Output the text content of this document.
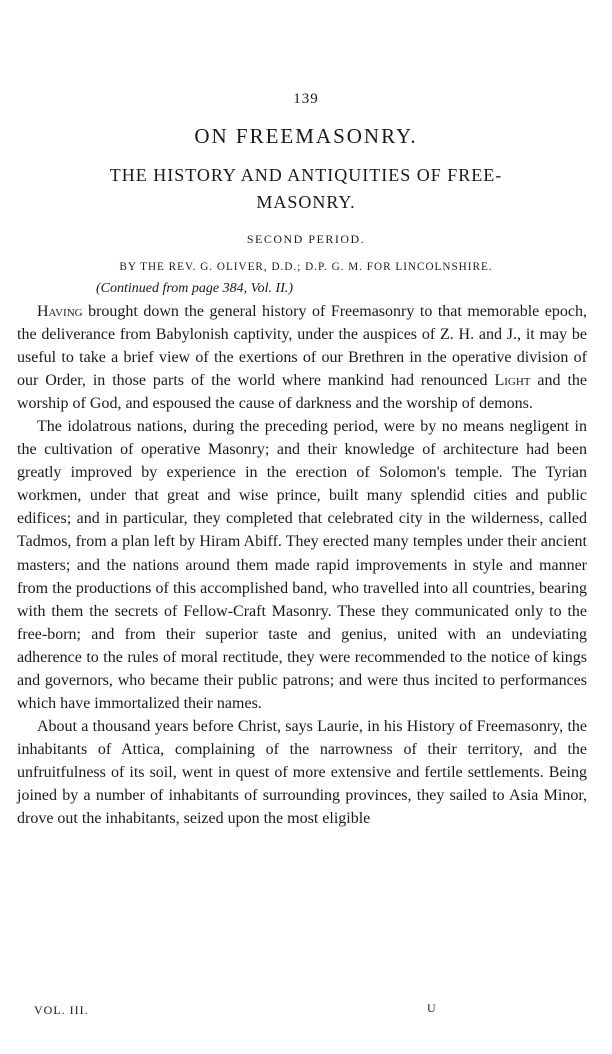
139
ON FREEMASONRY.
THE HISTORY AND ANTIQUITIES OF FREE-
MASONRY.
SECOND PERIOD.
BY THE REV. G. OLIVER, D.D.; D.P. G. M. FOR LINCOLNSHIRE.
(Continued from page 384, Vol. II.)

Having brought down the general history of Freemasonry to that memorable epoch, the deliverance from Babylonish captivity, under the auspices of Z. H. and J., it may be useful to take a brief view of the exertions of our Brethren in the operative division of our Order, in those parts of the world where mankind had renounced Light and the worship of God, and espoused the cause of darkness and the worship of demons.

The idolatrous nations, during the preceding period, were by no means negligent in the cultivation of operative Masonry; and their knowledge of architecture had been greatly improved by experience in the erection of Solomon's temple. The Tyrian workmen, under that great and wise prince, built many splendid cities and public edifices; and in particular, they completed that celebrated city in the wilderness, called Tadmos, from a plan left by Hiram Abiff. They erected many temples under their ancient masters; and the nations around them made rapid improvements in style and manner from the productions of this accomplished band, who travelled into all countries, bearing with them the secrets of Fellow-Craft Masonry. These they communicated only to the free-born; and from their superior taste and genius, united with an undeviating adherence to the rules of moral rectitude, they were recommended to the notice of kings and governors, who became their public patrons; and were thus incited to performances which have immortalized their names.

About a thousand years before Christ, says Laurie, in his History of Freemasonry, the inhabitants of Attica, complaining of the narrowness of their territory, and the unfruitfulness of its soil, went in quest of more extensive and fertile settlements. Being joined by a number of inhabitants of surrounding provinces, they sailed to Asia Minor, drove out the inhabitants, seized upon the most eligible

VOL. III.	U
